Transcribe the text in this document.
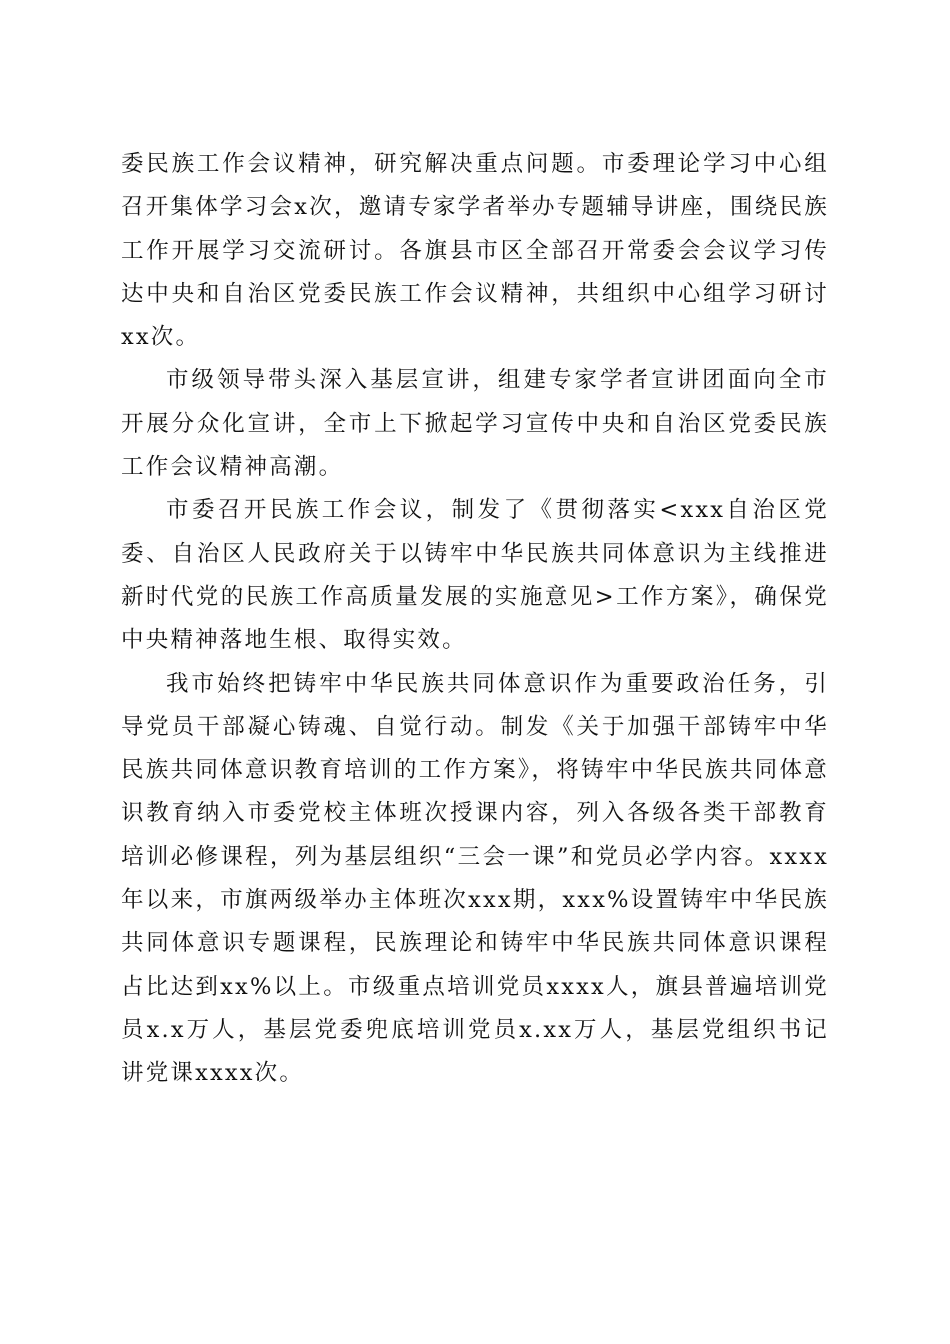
委民族工作会议精神，研究解决重点问题。市委理论学习中心组召开集体学习会x次，邀请专家学者举办专题辅导讲座，围绕民族工作开展学习交流研讨。各旗县市区全部召开常委会会议学习传达中央和自治区党委民族工作会议精神，共组织中心组学习研讨xx次。

市级领导带头深入基层宣讲，组建专家学者宣讲团面向全市开展分众化宣讲，全市上下掀起学习宣传中央和自治区党委民族工作会议精神高潮。

市委召开民族工作会议，制发了《贯彻落实<xxx自治区党委、自治区人民政府关于以铸牢中华民族共同体意识为主线推进新时代党的民族工作高质量发展的实施意见>工作方案》，确保党中央精神落地生根、取得实效。

我市始终把铸牢中华民族共同体意识作为重要政治任务，引导党员干部凝心铸魂、自觉行动。制发《关于加强干部铸牢中华民族共同体意识教育培训的工作方案》，将铸牢中华民族共同体意识教育纳入市委党校主体班次授课内容，列入各级各类干部教育培训必修课程，列为基层组织“三会一课”和党员必学内容。xxxx年以来，市旗两级举办主体班次xxx期，xxx%设置铸牢中华民族共同体意识专题课程，民族理论和铸牢中华民族共同体意识课程占比达到xx%以上。市级重点培训党员xxxx人，旗县普遍培训党员x.x万人，基层党委兜底培训党员x.xx万人，基层党组织书记讲党课xxxx次。
